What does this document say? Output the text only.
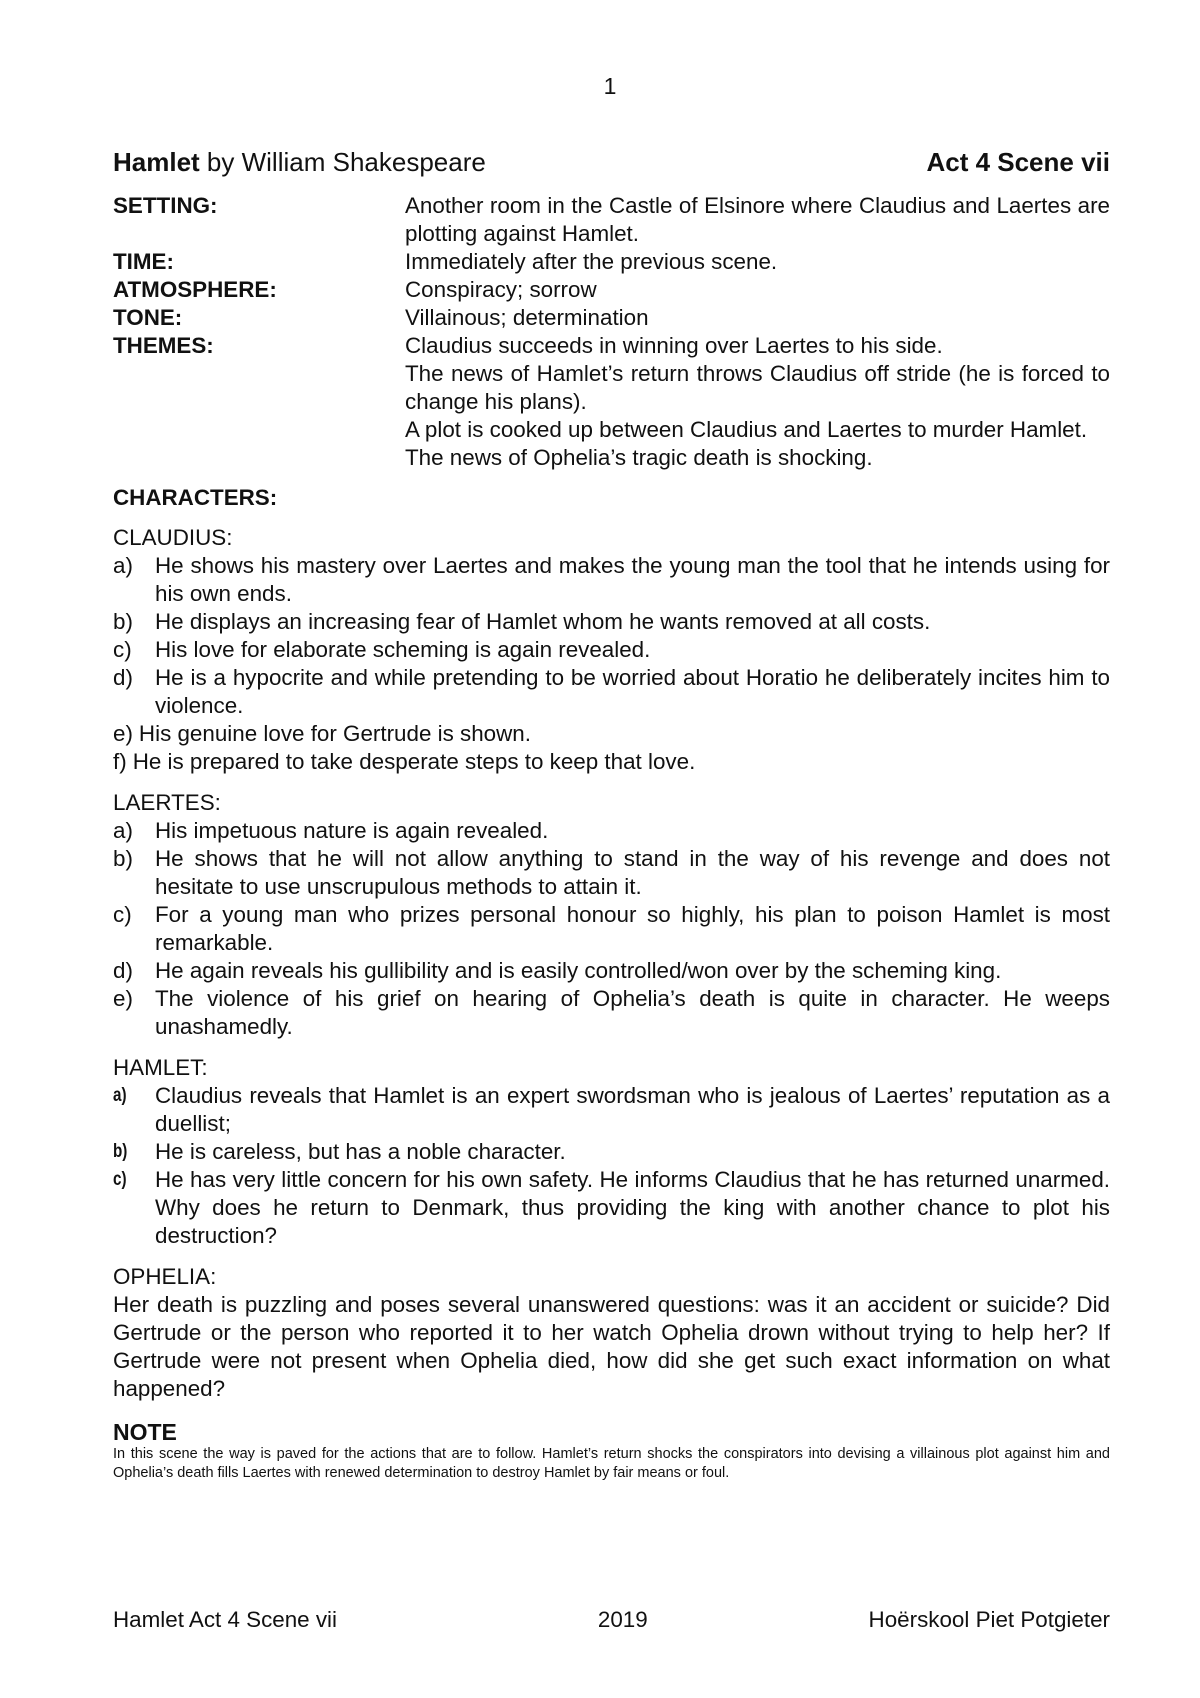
1
Hamlet by William Shakespeare	Act 4 Scene vii
SETTING:	Another room in the Castle of Elsinore where Claudius and Laertes are plotting against Hamlet.
TIME:	Immediately after the previous scene.
ATMOSPHERE:	Conspiracy; sorrow
TONE:	Villainous; determination
THEMES:	Claudius succeeds in winning over Laertes to his side.
The news of Hamlet’s return throws Claudius off stride (he is forced to change his plans).
A plot is cooked up between Claudius and Laertes to murder Hamlet.
The news of Ophelia’s tragic death is shocking.
CHARACTERS:
CLAUDIUS:
a) He shows his mastery over Laertes and makes the young man the tool that he intends using for his own ends.
b) He displays an increasing fear of Hamlet whom he wants removed at all costs.
c)	His love for elaborate scheming is again revealed.
d) He is a hypocrite and while pretending to be worried about Horatio he deliberately incites him to violence.
e) His genuine love for Gertrude is shown.
f) He is prepared to take desperate steps to keep that love.
LAERTES:
a) His impetuous nature is again revealed.
b) He shows that he will not allow anything to stand in the way of his revenge and does not hesitate to use unscrupulous methods to attain it.
c)	For a young man who prizes personal honour so highly, his plan to poison Hamlet is most remarkable.
d) He again reveals his gullibility and is easily controlled/won over by the scheming king.
e) The violence of his grief on hearing of Ophelia’s death is quite in character. He weeps unashamedly.
HAMLET:
a)	Claudius reveals that Hamlet is an expert swordsman who is jealous of Laertes’ reputation as a duellist;
b)	He is careless, but has a noble character.
c)	He has very little concern for his own safety. He informs Claudius that he has returned unarmed. Why does he return to Denmark, thus providing the king with another chance to plot his destruction?
OPHELIA:
Her death is puzzling and poses several unanswered questions: was it an accident or suicide? Did Gertrude or the person who reported it to her watch Ophelia drown without trying to help her? If Gertrude were not present when Ophelia died, how did she get such exact information on what happened?
NOTE
In this scene the way is paved for the actions that are to follow. Hamlet’s return shocks the conspirators into devising a villainous plot against him and Ophelia’s death fills Laertes with renewed determination to destroy Hamlet by fair means or foul.
Hamlet Act 4 Scene vii	2019	Hoërskool Piet Potgieter
